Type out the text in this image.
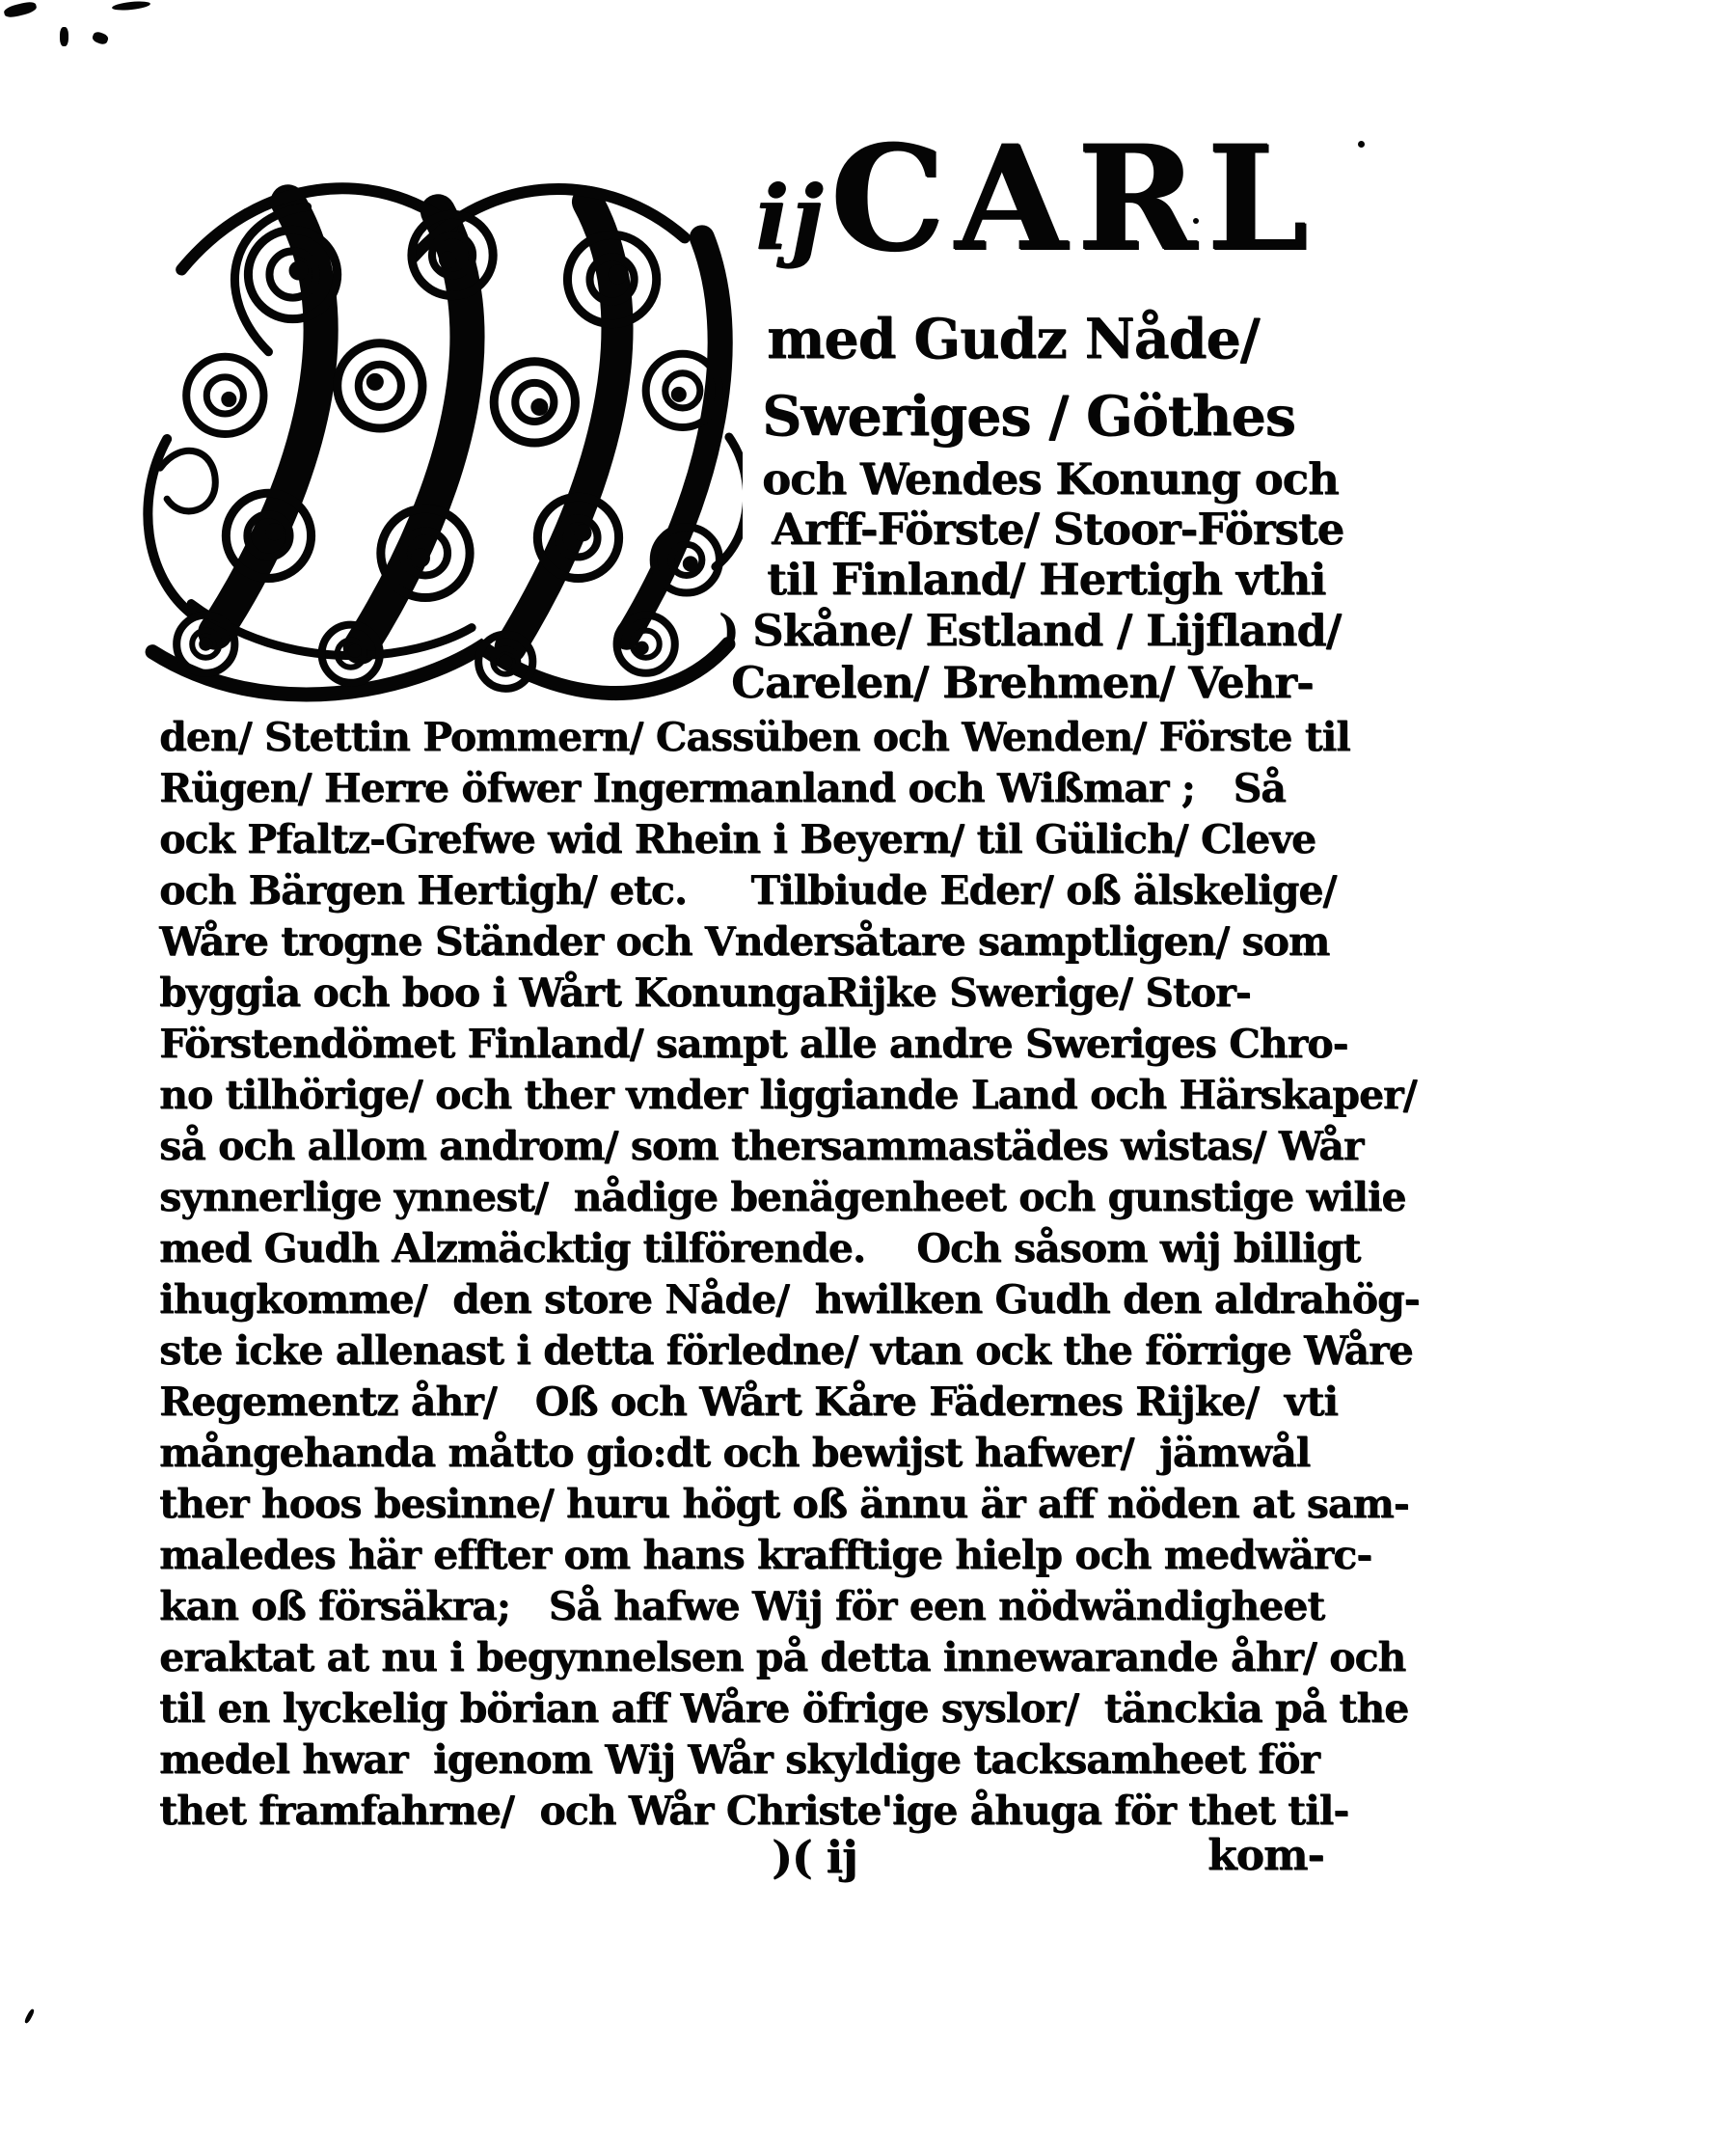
ij CARL
med Gudz Nåde/
Sweriges / Göthes
och Wendes Konung och
Arff-Förste/ Stoor-Förste
til Finland/ Hertigh vthi
) Skåne/ Estland / Lijfland/
Carelen/ Brehmen/ Vehr-
den/ Stettin Pommern/ Cassüben och Wenden/ Förste til
Rügen/ Herre öfwer Ingermanland och Wißmar ;   Så
ock Pfaltz-Grefwe wid Rhein i Beyern/ til Gülich/ Cleve
och Bärgen Hertigh/ etc.     Tilbiude Eder/ oß älskelige/
Wåre trogne Ständer och Vndersåtare samptligen/ som
byggia och boo i Wårt KonungaRijke Swerige/ Stor-
Förstendömet Finland/ sampt alle andre Sweriges Chro-
no tilhörige/ och ther vnder liggiande Land och Härskaper/
så och allom androm/ som thersammastädes wistas/ Wår
synnerlige ynnest/  nådige benägenheet och gunstige wilie
med Gudh Alzmäcktig tilförende.    Och såsom wij billigt
ihugkomme/  den store Nåde/  hwilken Gudh den aldrahög-
ste icke allenast i detta förledne/ vtan ock the förrige Wåre
Regementz åhr/   Oß och Wårt Kåre Fädernes Rijke/  vti
mångehanda måtto gio:dt och bewijst hafwer/  jämwål
ther hoos besinne/ huru högt oß ännu är aff nöden at sam-
maledes här effter om hans krafftige hielp och medwärc-
kan oß försäkra;   Så hafwe Wij för een nödwändigheet
eraktat at nu i begynnelsen på detta innewarande åhr/ och
til en lyckelig börian aff Wåre öfrige syslor/  tänckia på the
medel hwar  igenom Wij Wår skyldige tacksamheet för
thet framfahrne/  och Wår Christe'ige åhuga för thet til-
)( ij	kom-
